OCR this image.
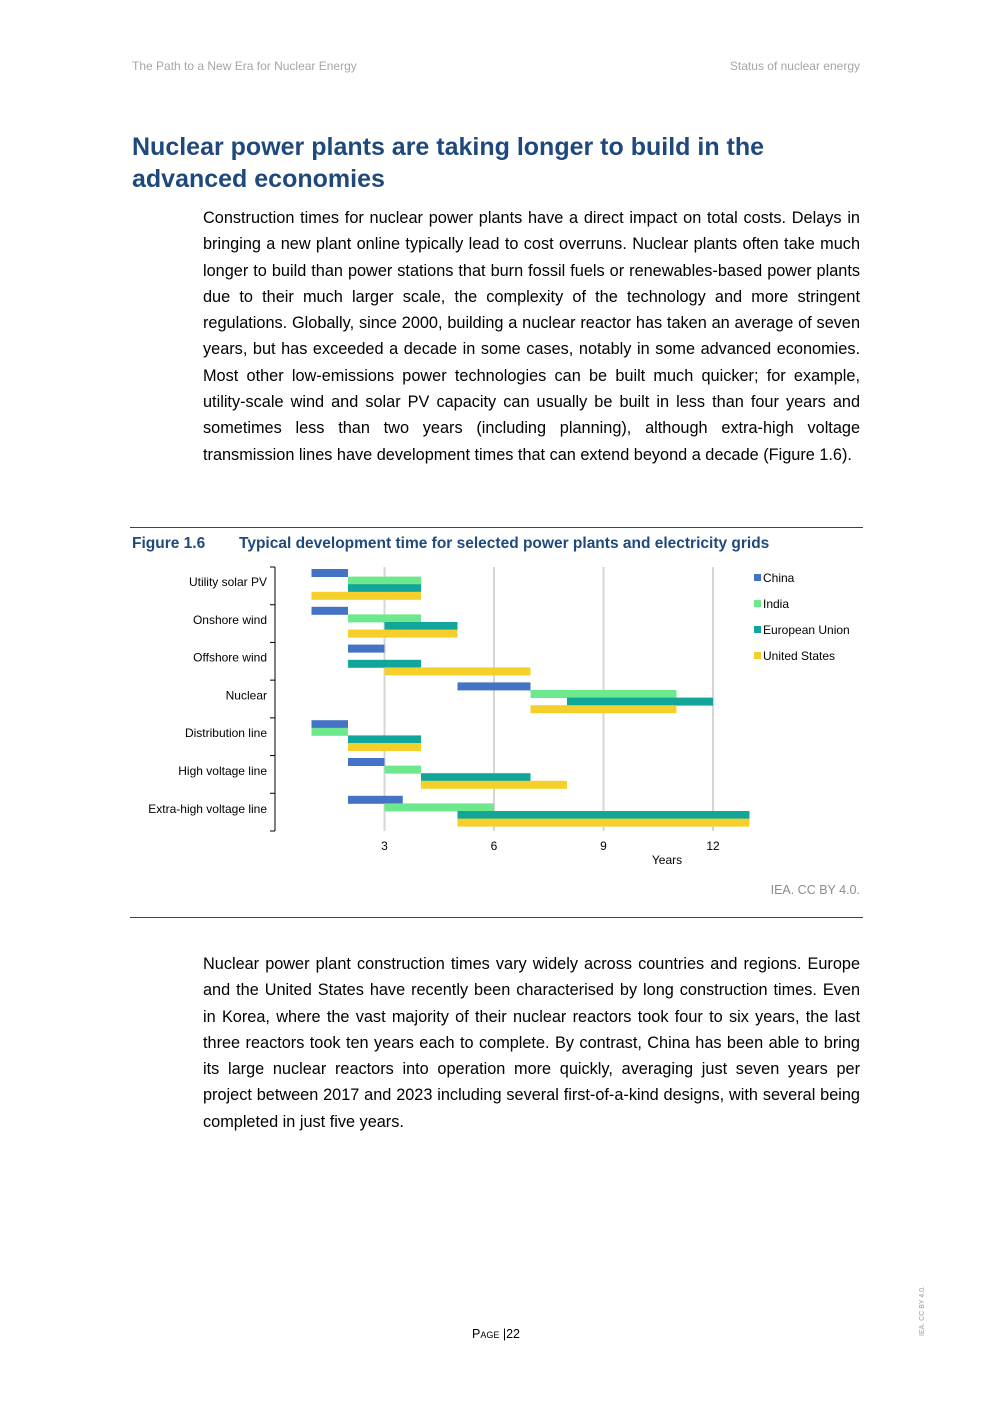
The Path to a New Era for Nuclear Energy	Status of nuclear energy
Nuclear power plants are taking longer to build in the advanced economies

Construction times for nuclear power plants have a direct impact on total costs. Delays in bringing a new plant online typically lead to cost overruns. Nuclear plants often take much longer to build than power stations that burn fossil fuels or renewables-based power plants due to their much larger scale, the complexity of the technology and more stringent regulations. Globally, since 2000, building a nuclear reactor has taken an average of seven years, but has exceeded a decade in some cases, notably in some advanced economies. Most other low-emissions power technologies can be built much quicker; for example, utility-scale wind and solar PV capacity can usually be built in less than four years and sometimes less than two years (including planning), although extra-high voltage transmission lines have development times that can extend beyond a decade (Figure 1.6).

Figure 1.6 Typical development time for selected power plants and electricity grids
Utility solar PV
Onshore wind
Offshore wind
Nuclear
Distribution line
High voltage line
Extra-high voltage line
3	6	9	12
Years
China
India
European Union
United States
IEA. CC BY 4.0.

Nuclear power plant construction times vary widely across countries and regions. Europe and the United States have recently been characterised by long construction times. Even in Korea, where the vast majority of their nuclear reactors took four to six years, the last three reactors took ten years each to complete. By contrast, China has been able to bring its large nuclear reactors into operation more quickly, averaging just seven years per project between 2017 and 2023 including several first-of-a-kind designs, with several being completed in just five years.

Page |22	IEA. CC BY 4.0.
